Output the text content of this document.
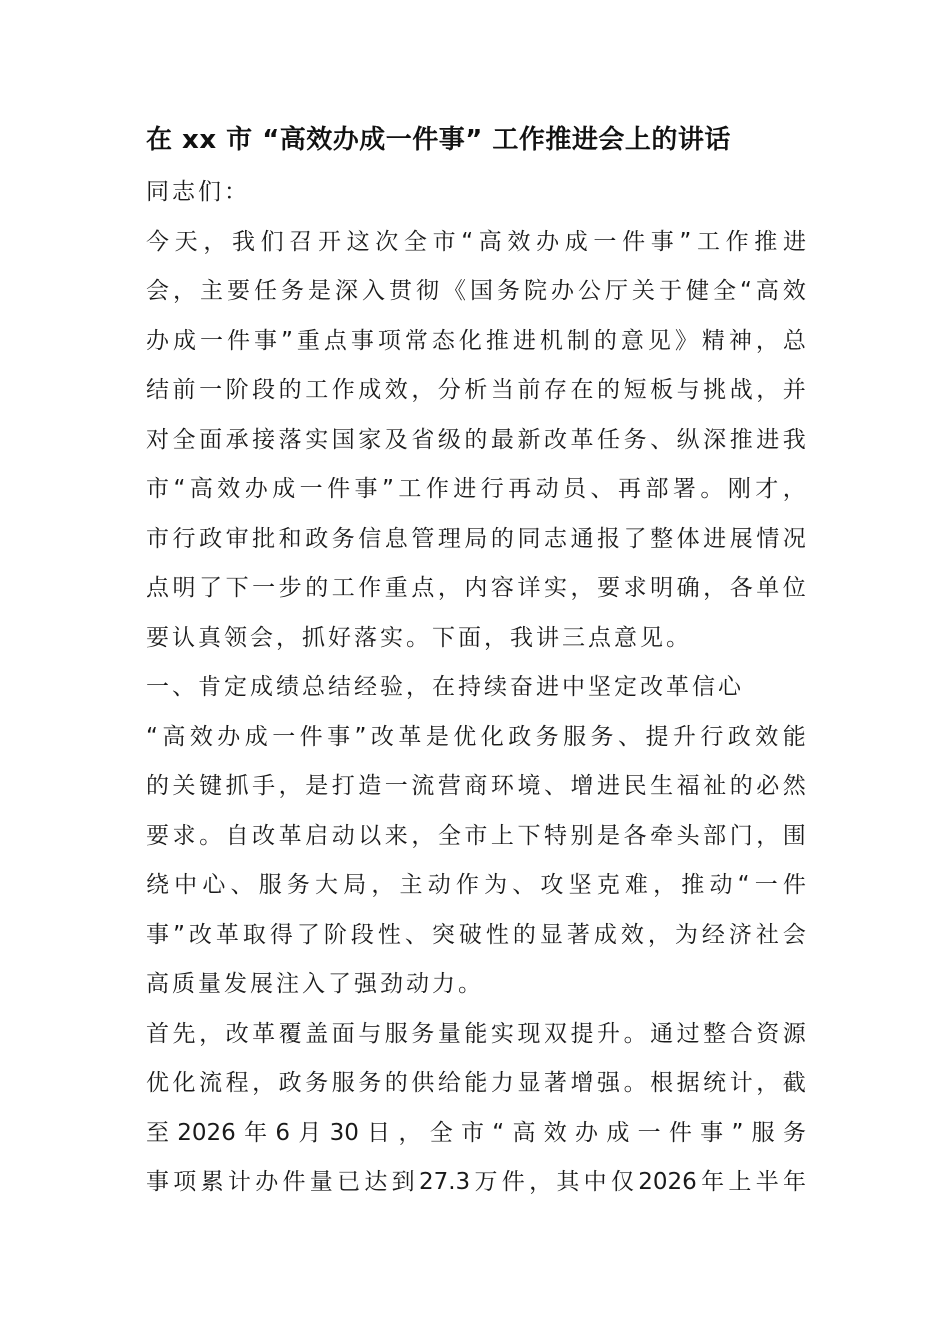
在 xx 市 “高效办成一件事” 工作推进会上的讲话
同志们：
今 天 ， 我 们 召 开 这 次 全 市 “ 高 效 办 成 一 件 事 ” 工 作 推 进
会 ， 主 要 任 务 是 深 入 贯 彻 《 国 务 院 办 公 厅 关 于 健 全 “ 高 效
办 成 一 件 事 ” 重 点 事 项 常 态 化 推 进 机 制 的 意 见 》 精 神 ， 总
结 前 一 阶 段 的 工 作 成 效 ， 分 析 当 前 存 在 的 短 板 与 挑 战 ， 并
对 全 面 承 接 落 实 国 家 及 省 级 的 最 新 改 革 任 务 、 纵 深 推 进 我
市 “ 高 效 办 成 一 件 事 ” 工 作 进 行 再 动 员 、 再 部 署 。 刚 才 ，
市 行 政 审 批 和 政 务 信 息 管 理 局 的 同 志 通 报 了 整 体 进 展 情 况
点 明 了 下 一 步 的 工 作 重 点 ， 内 容 详 实 ， 要 求 明 确 ， 各 单 位
要认真领会，抓好落实。下面，我讲三点意见。
一、肯定成绩总结经验，在持续奋进中坚定改革信心
“ 高 效 办 成 一 件 事 ” 改 革 是 优 化 政 务 服 务 、 提 升 行 政 效 能
的 关 键 抓 手 ， 是 打 造 一 流 营 商 环 境 、 增 进 民 生 福 祉 的 必 然
要 求 。 自 改 革 启 动 以 来 ， 全 市 上 下 特 别 是 各 牵 头 部 门 ， 围
绕 中 心 、 服 务 大 局 ， 主 动 作 为 、 攻 坚 克 难 ， 推 动 “ 一 件
事 ” 改 革 取 得 了 阶 段 性 、 突 破 性 的 显 著 成 效 ， 为 经 济 社 会
高质量发展注入了强劲动力。
首 先 ， 改 革 覆 盖 面 与 服 务 量 能 实 现 双 提 升 。 通 过 整 合 资 源
优 化 流 程 ， 政 务 服 务 的 供 给 能 力 显 著 增 强 。 根 据 统 计 ， 截
至 2026 年 6 月 30 日 ， 全 市 “ 高 效 办 成 一 件 事 ” 服 务
事 项 累 计 办 件 量 已 达 到 27.3 万 件 ， 其 中 仅 2026 年 上 半 年
